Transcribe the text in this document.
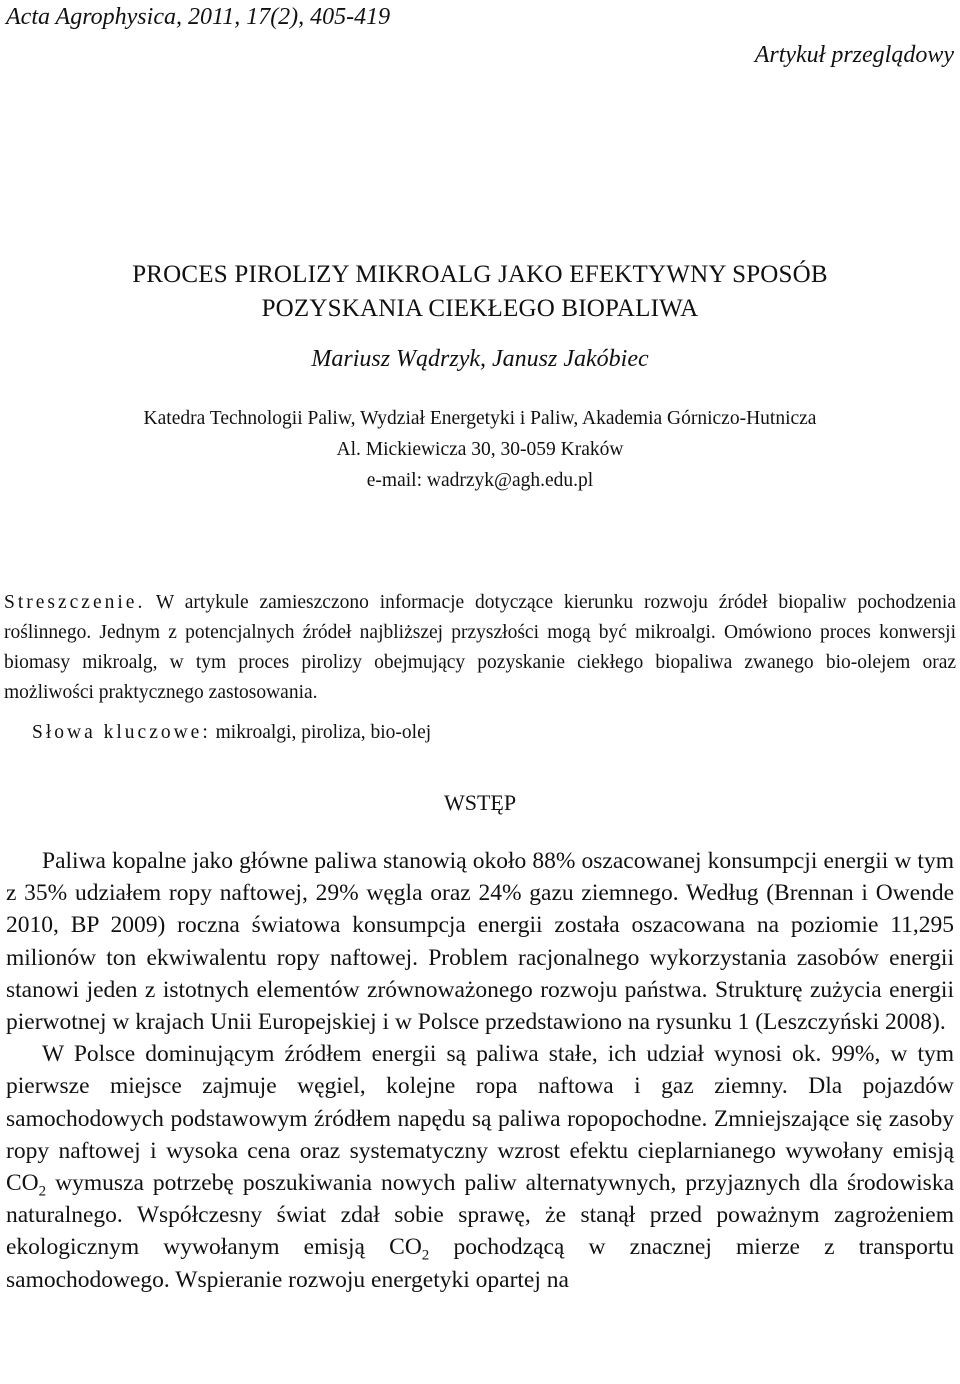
Acta Agrophysica, 2011, 17(2), 405-419
Artykuł przeglądowy
PROCES PIROLIZY MIKROALG JAKO EFEKTYWNY SPOSÓB
POZYSKANIA CIEKŁEGO BIOPALIWA
Mariusz Wądrzyk, Janusz Jakóbiec
Katedra Technologii Paliw, Wydział Energetyki i Paliw, Akademia Górniczo-Hutnicza
Al. Mickiewicza 30, 30-059 Kraków
e-mail: wadrzyk@agh.edu.pl

Streszczenie. W artykule zamieszczono informacje dotyczące kierunku rozwoju źródeł biopaliw pochodzenia roślinnego. Jednym z potencjalnych źródeł najbliższej przyszłości mogą być mikroalgi. Omówiono proces konwersji biomasy mikroalg, w tym proces pirolizy obejmujący pozyskanie ciekłego biopaliwa zwanego bio-olejem oraz możliwości praktycznego zastosowania.

Słowa kluczowe: mikroalgi, piroliza, bio-olej
WSTĘP

Paliwa kopalne jako główne paliwa stanowią około 88% oszacowanej konsumpcji energii w tym z 35% udziałem ropy naftowej, 29% węgla oraz 24% gazu ziemnego. Według (Brennan i Owende 2010, BP 2009) roczna światowa konsumpcja energii została oszacowana na poziomie 11,295 milionów ton ekwiwalentu ropy naftowej. Problem racjonalnego wykorzystania zasobów energii stanowi jeden z istotnych elementów zrównoważonego rozwoju państwa. Strukturę zużycia energii pierwotnej w krajach Unii Europejskiej i w Polsce przedstawiono na rysunku 1 (Leszczyński 2008).

W Polsce dominującym źródłem energii są paliwa stałe, ich udział wynosi ok. 99%, w tym pierwsze miejsce zajmuje węgiel, kolejne ropa naftowa i gaz ziemny. Dla pojazdów samochodowych podstawowym źródłem napędu są paliwa ropopochodne. Zmniejszające się zasoby ropy naftowej i wysoka cena oraz systematyczny wzrost efektu cieplarnianego wywołany emisją $CO_2$ wymusza potrzebę poszukiwania nowych paliw alternatywnych, przyjaznych dla środowiska naturalnego. Współczesny świat zdał sobie sprawę, że stanął przed poważnym zagrożeniem ekologicznym wywołanym emisją $CO_2$ pochodzącą w znacznej mierze z transportu samochodowego. Wspieranie rozwoju energetyki opartej na
